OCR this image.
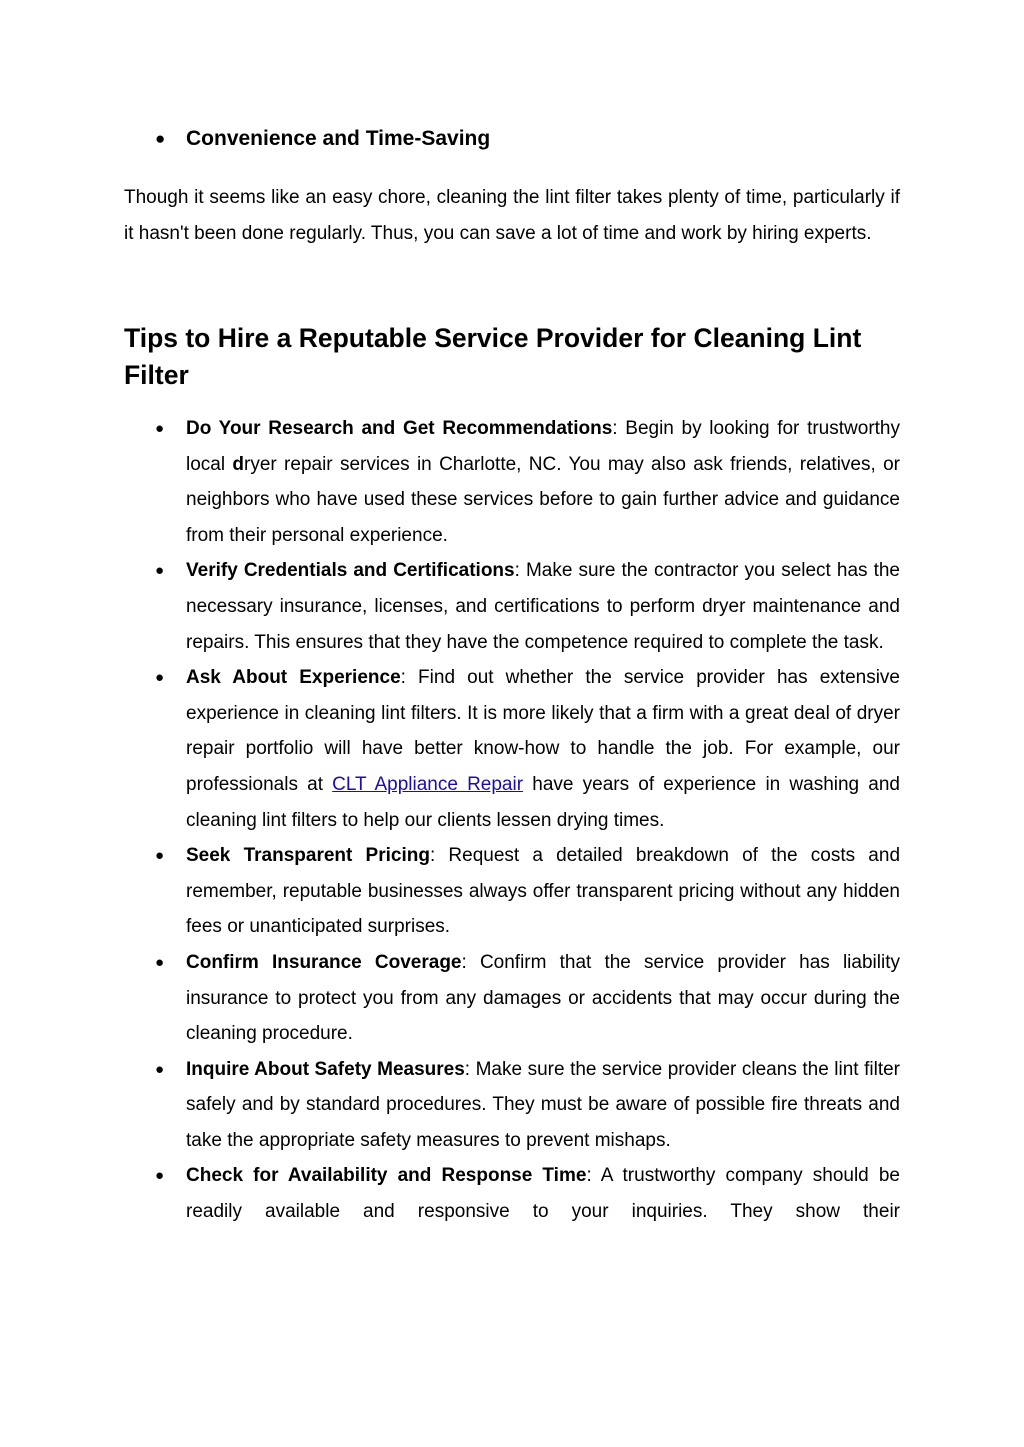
● Convenience and Time-Saving

Though it seems like an easy chore, cleaning the lint filter takes plenty of time, particularly if it hasn't been done regularly. Thus, you can save a lot of time and work by hiring experts.

Tips to Hire a Reputable Service Provider for Cleaning Lint Filter
●	Do Your Research and Get Recommendations: Begin by looking for trustworthy local dryer repair services in Charlotte, NC. You may also ask friends, relatives, or neighbors who have used these services before to gain further advice and guidance from their personal experience.
●	Verify Credentials and Certifications: Make sure the contractor you select has the necessary insurance, licenses, and certifications to perform dryer maintenance and repairs. This ensures that they have the competence required to complete the task.
●	Ask About Experience: Find out whether the service provider has extensive experience in cleaning lint filters. It is more likely that a firm with a great deal of dryer repair portfolio will have better know-how to handle the job. For example, our professionals at CLT Appliance Repair have years of experience in washing and cleaning lint filters to help our clients lessen drying times.
●	Seek Transparent Pricing: Request a detailed breakdown of the costs and remember, reputable businesses always offer transparent pricing without any hidden fees or unanticipated surprises.
●	Confirm Insurance Coverage: Confirm that the service provider has liability insurance to protect you from any damages or accidents that may occur during the cleaning procedure.
●	Inquire About Safety Measures: Make sure the service provider cleans the lint filter safely and by standard procedures. They must be aware of possible fire threats and take the appropriate safety measures to prevent mishaps.
●	Check for Availability and Response Time: A trustworthy company should be readily available and responsive to your inquiries. They show their
